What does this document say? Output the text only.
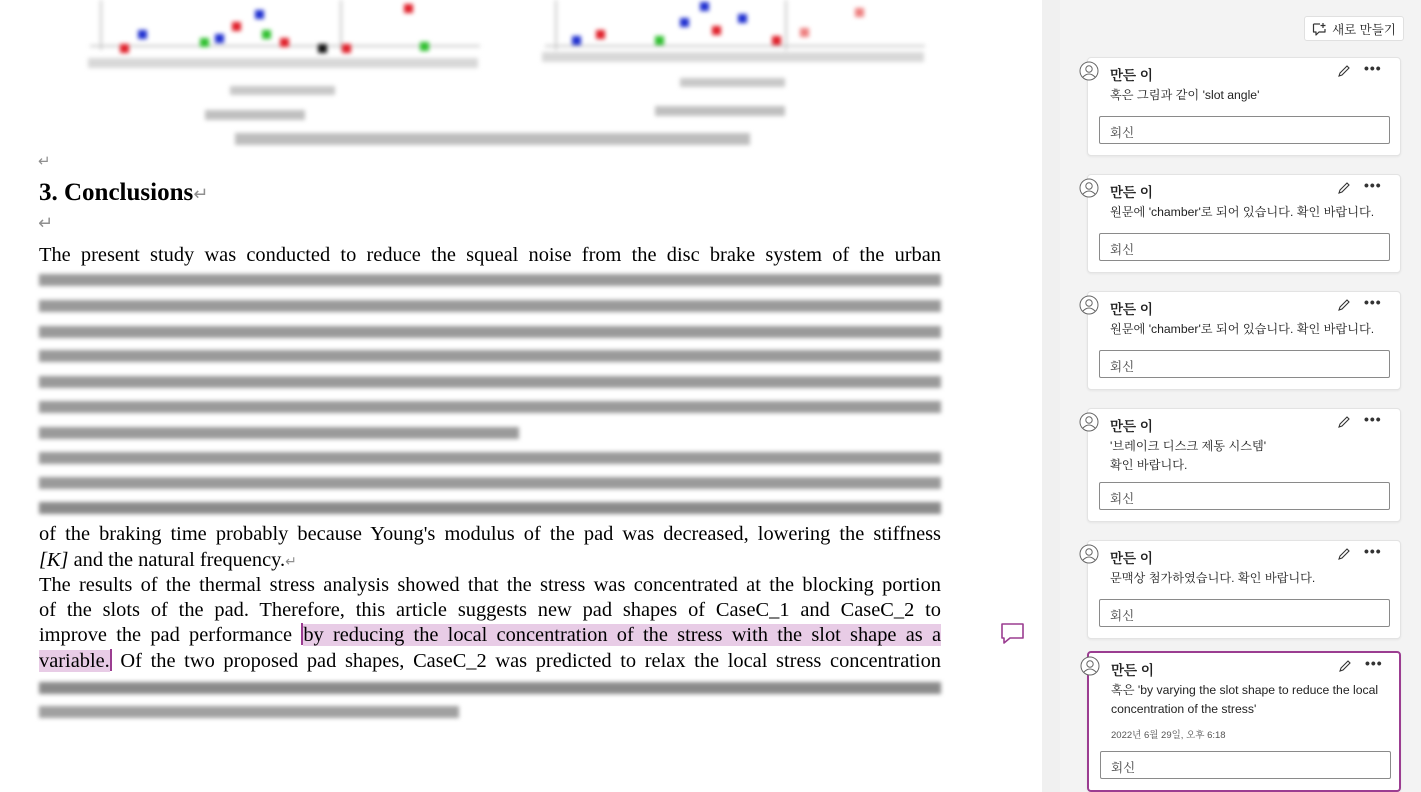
↵
3. Conclusions↵
↵
The present study was conducted to reduce the squeal noise from the disc brake system of the urban
of the braking time probably because Young's modulus of the pad was decreased, lowering the stiffness
[K] and the natural frequency.↵
The results of the thermal stress analysis showed that the stress was concentrated at the blocking portion
of the slots of the pad. Therefore, this article suggests new pad shapes of CaseC_1 and CaseC_2 to
improve the pad performance by reducing the local concentration of the stress with the slot shape as a
variable. Of the two proposed pad shapes, CaseC_2 was predicted to relax the local stress concentration
새로 만들기
만든 이	•••
혹은 그림과 같이 'slot angle'
회신
만든 이	•••
원문에 'chamber'로 되어 있습니다. 확인 바랍니다.
회신
만든 이	•••
원문에 'chamber'로 되어 있습니다. 확인 바랍니다.
회신
만든 이	•••
'브레이크 디스크 제동 시스템'
확인 바랍니다.
회신
만든 이	•••
문맥상 첨가하였습니다. 확인 바랍니다.
회신
만든 이	•••
혹은 'by varying the slot shape to reduce the local concentration of the stress'
2022년 6월 29일, 오후 6:18
회신
